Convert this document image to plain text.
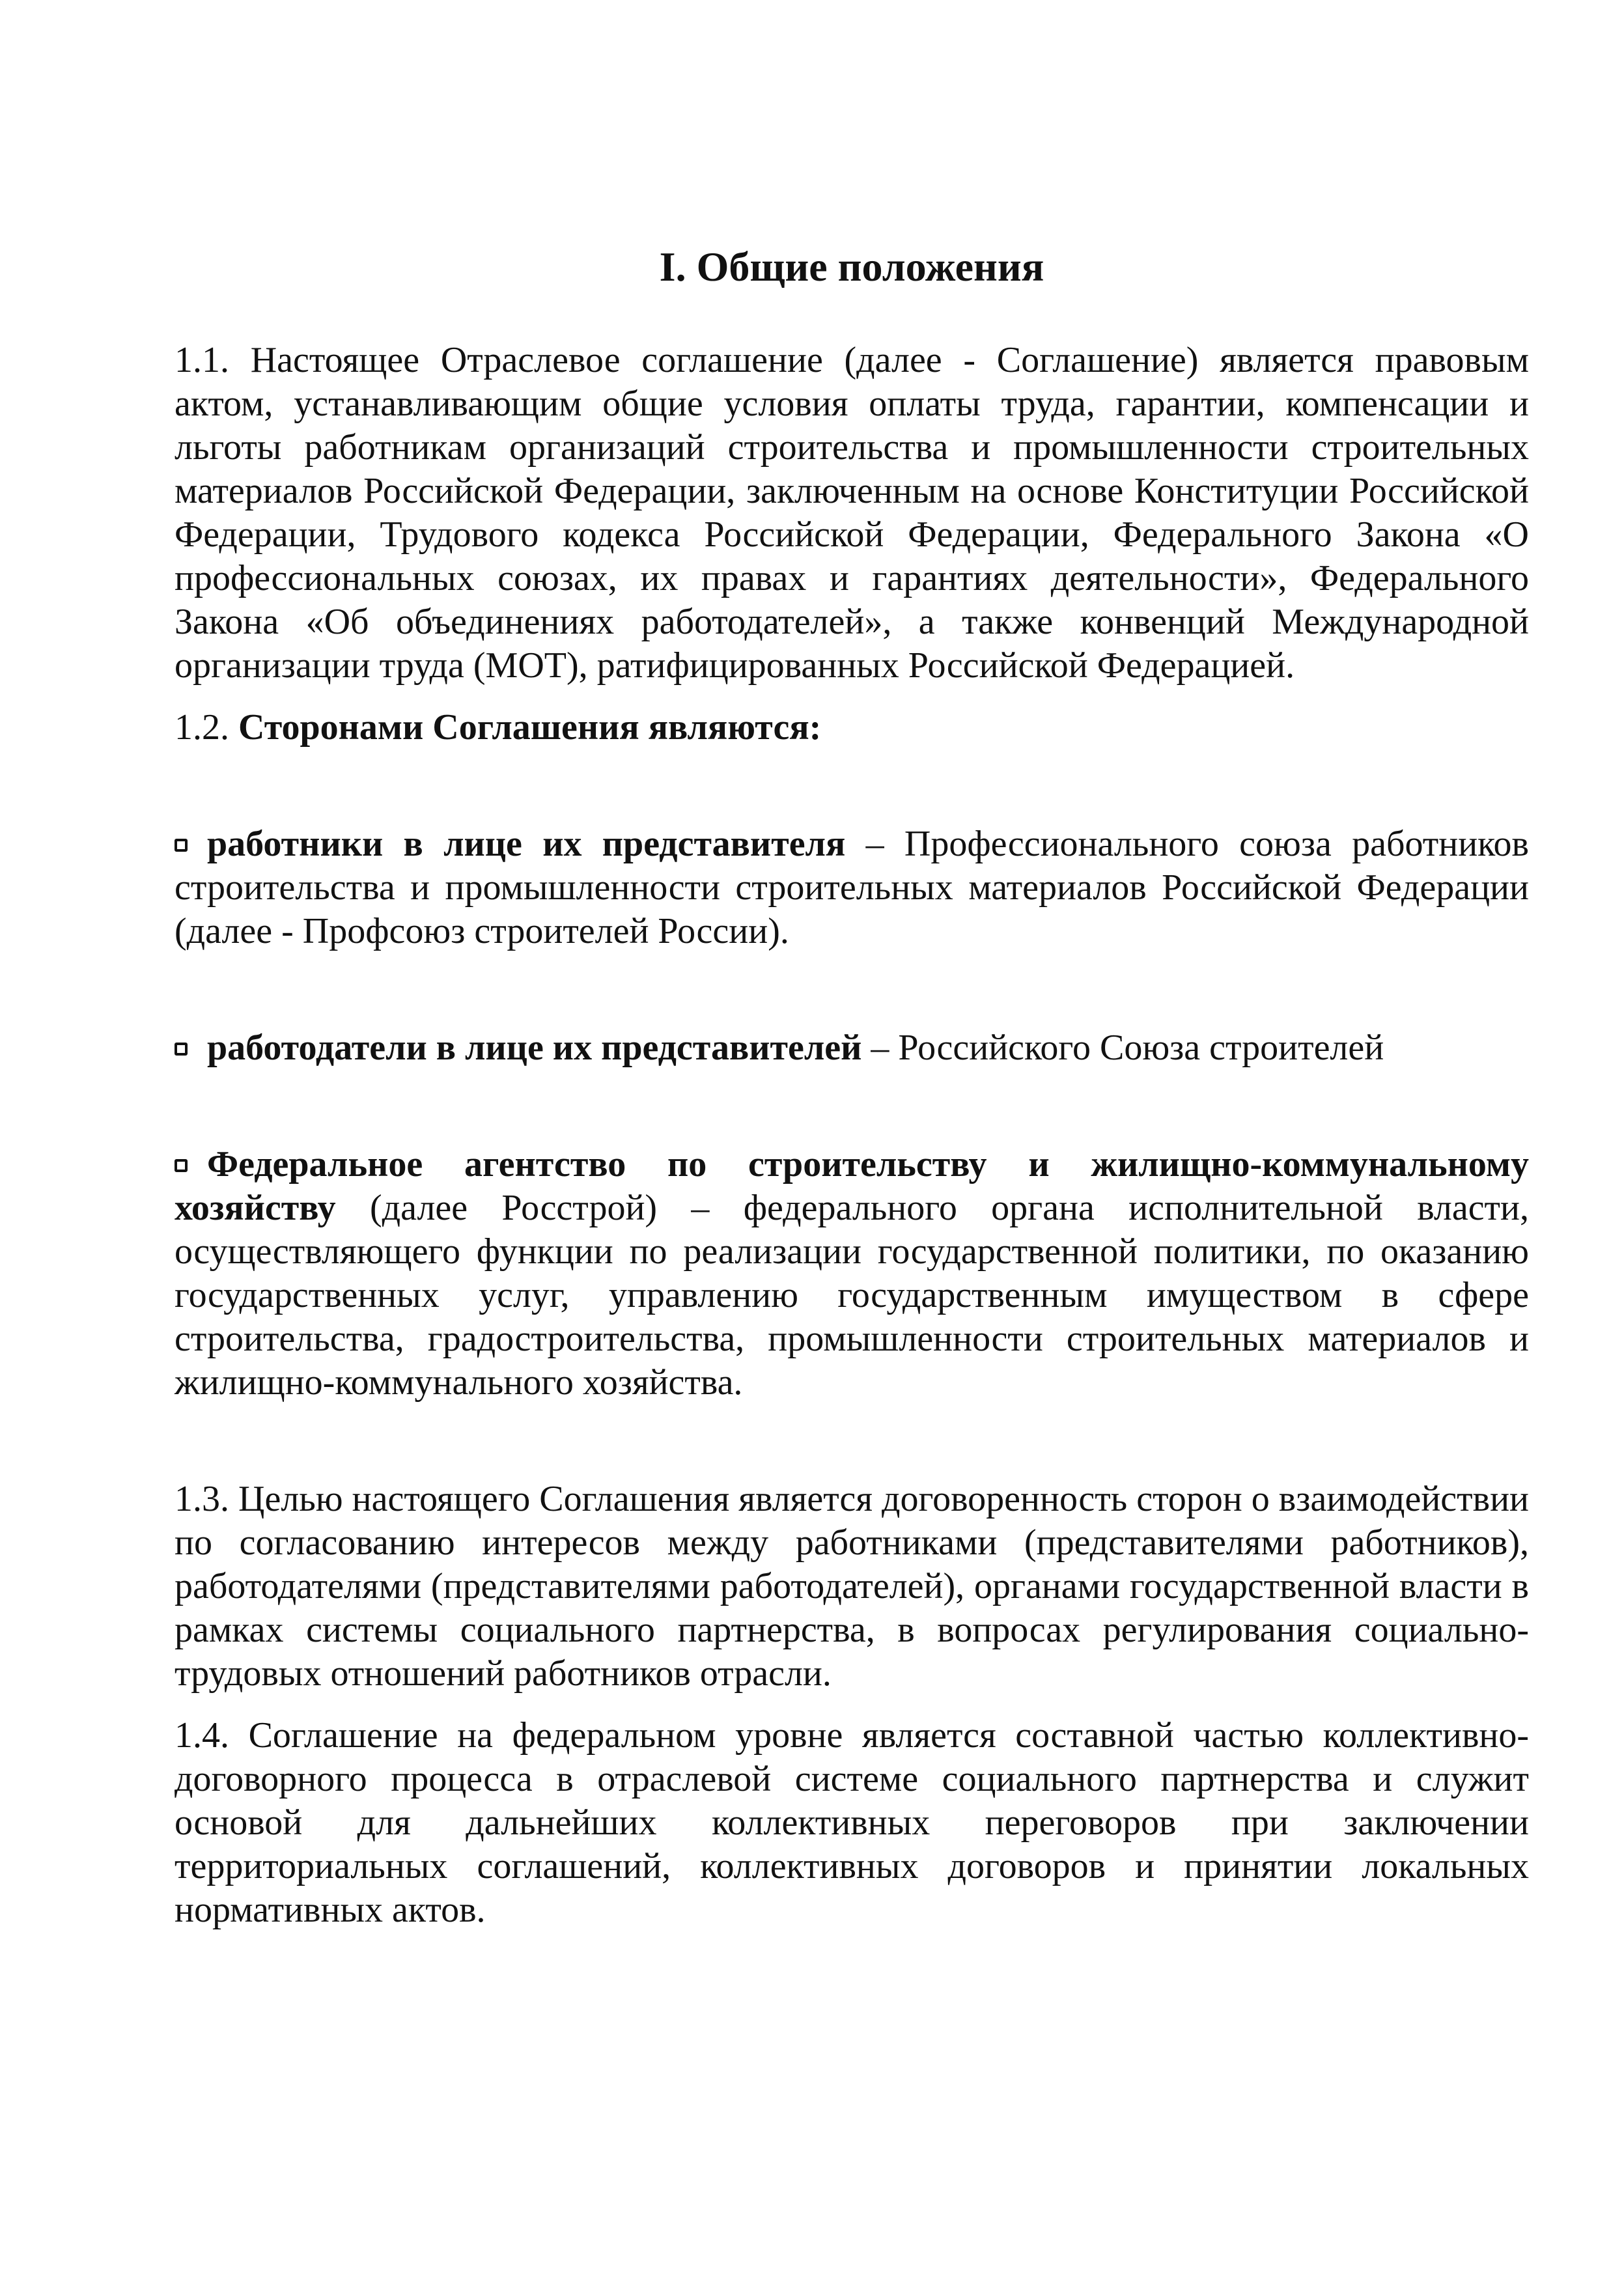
I. Общие положения

1.1. Настоящее Отраслевое соглашение (далее - Соглашение) является правовым актом, устанавливающим общие условия оплаты труда, гарантии, компенсации и льготы работникам организаций строительства и промышленности строительных материалов Российской Федерации, заключенным на основе Конституции Российской Федерации, Трудового кодекса Российской Федерации, Федерального Закона «О профессиональных союзах, их правах и гарантиях деятельности», Федерального Закона «Об объединениях работодателей», а также конвенций Международной организации труда (МОТ), ратифицированных Российской Федерацией.

1.2. Сторонами Соглашения являются:

работники в лице их представителя – Профессионального союза работников строительства и промышленности строительных материалов Российской Федерации (далее - Профсоюз строителей России).

работодатели в лице их представителей – Российского Союза строителей

Федеральное агентство по строительству и жилищно-коммунальному хозяйству (далее Росстрой) – федерального органа исполнительной власти, осуществляющего функции по реализации государственной политики, по оказанию государственных услуг, управлению государственным имуществом в сфере строительства, градостроительства, промышленности строительных материалов и жилищно-коммунального хозяйства.

1.3. Целью настоящего Соглашения является договоренность сторон о взаимодействии по согласованию интересов между работниками (представителями работников), работодателями (представителями работодателей), органами государственной власти в рамках системы социального партнерства, в вопросах регулирования социально-трудовых отношений работников отрасли.

1.4. Соглашение на федеральном уровне является составной частью коллективно-договорного процесса в отраслевой системе социального партнерства и служит основой для дальнейших коллективных переговоров при заключении территориальных соглашений, коллективных договоров и принятии локальных нормативных актов.
